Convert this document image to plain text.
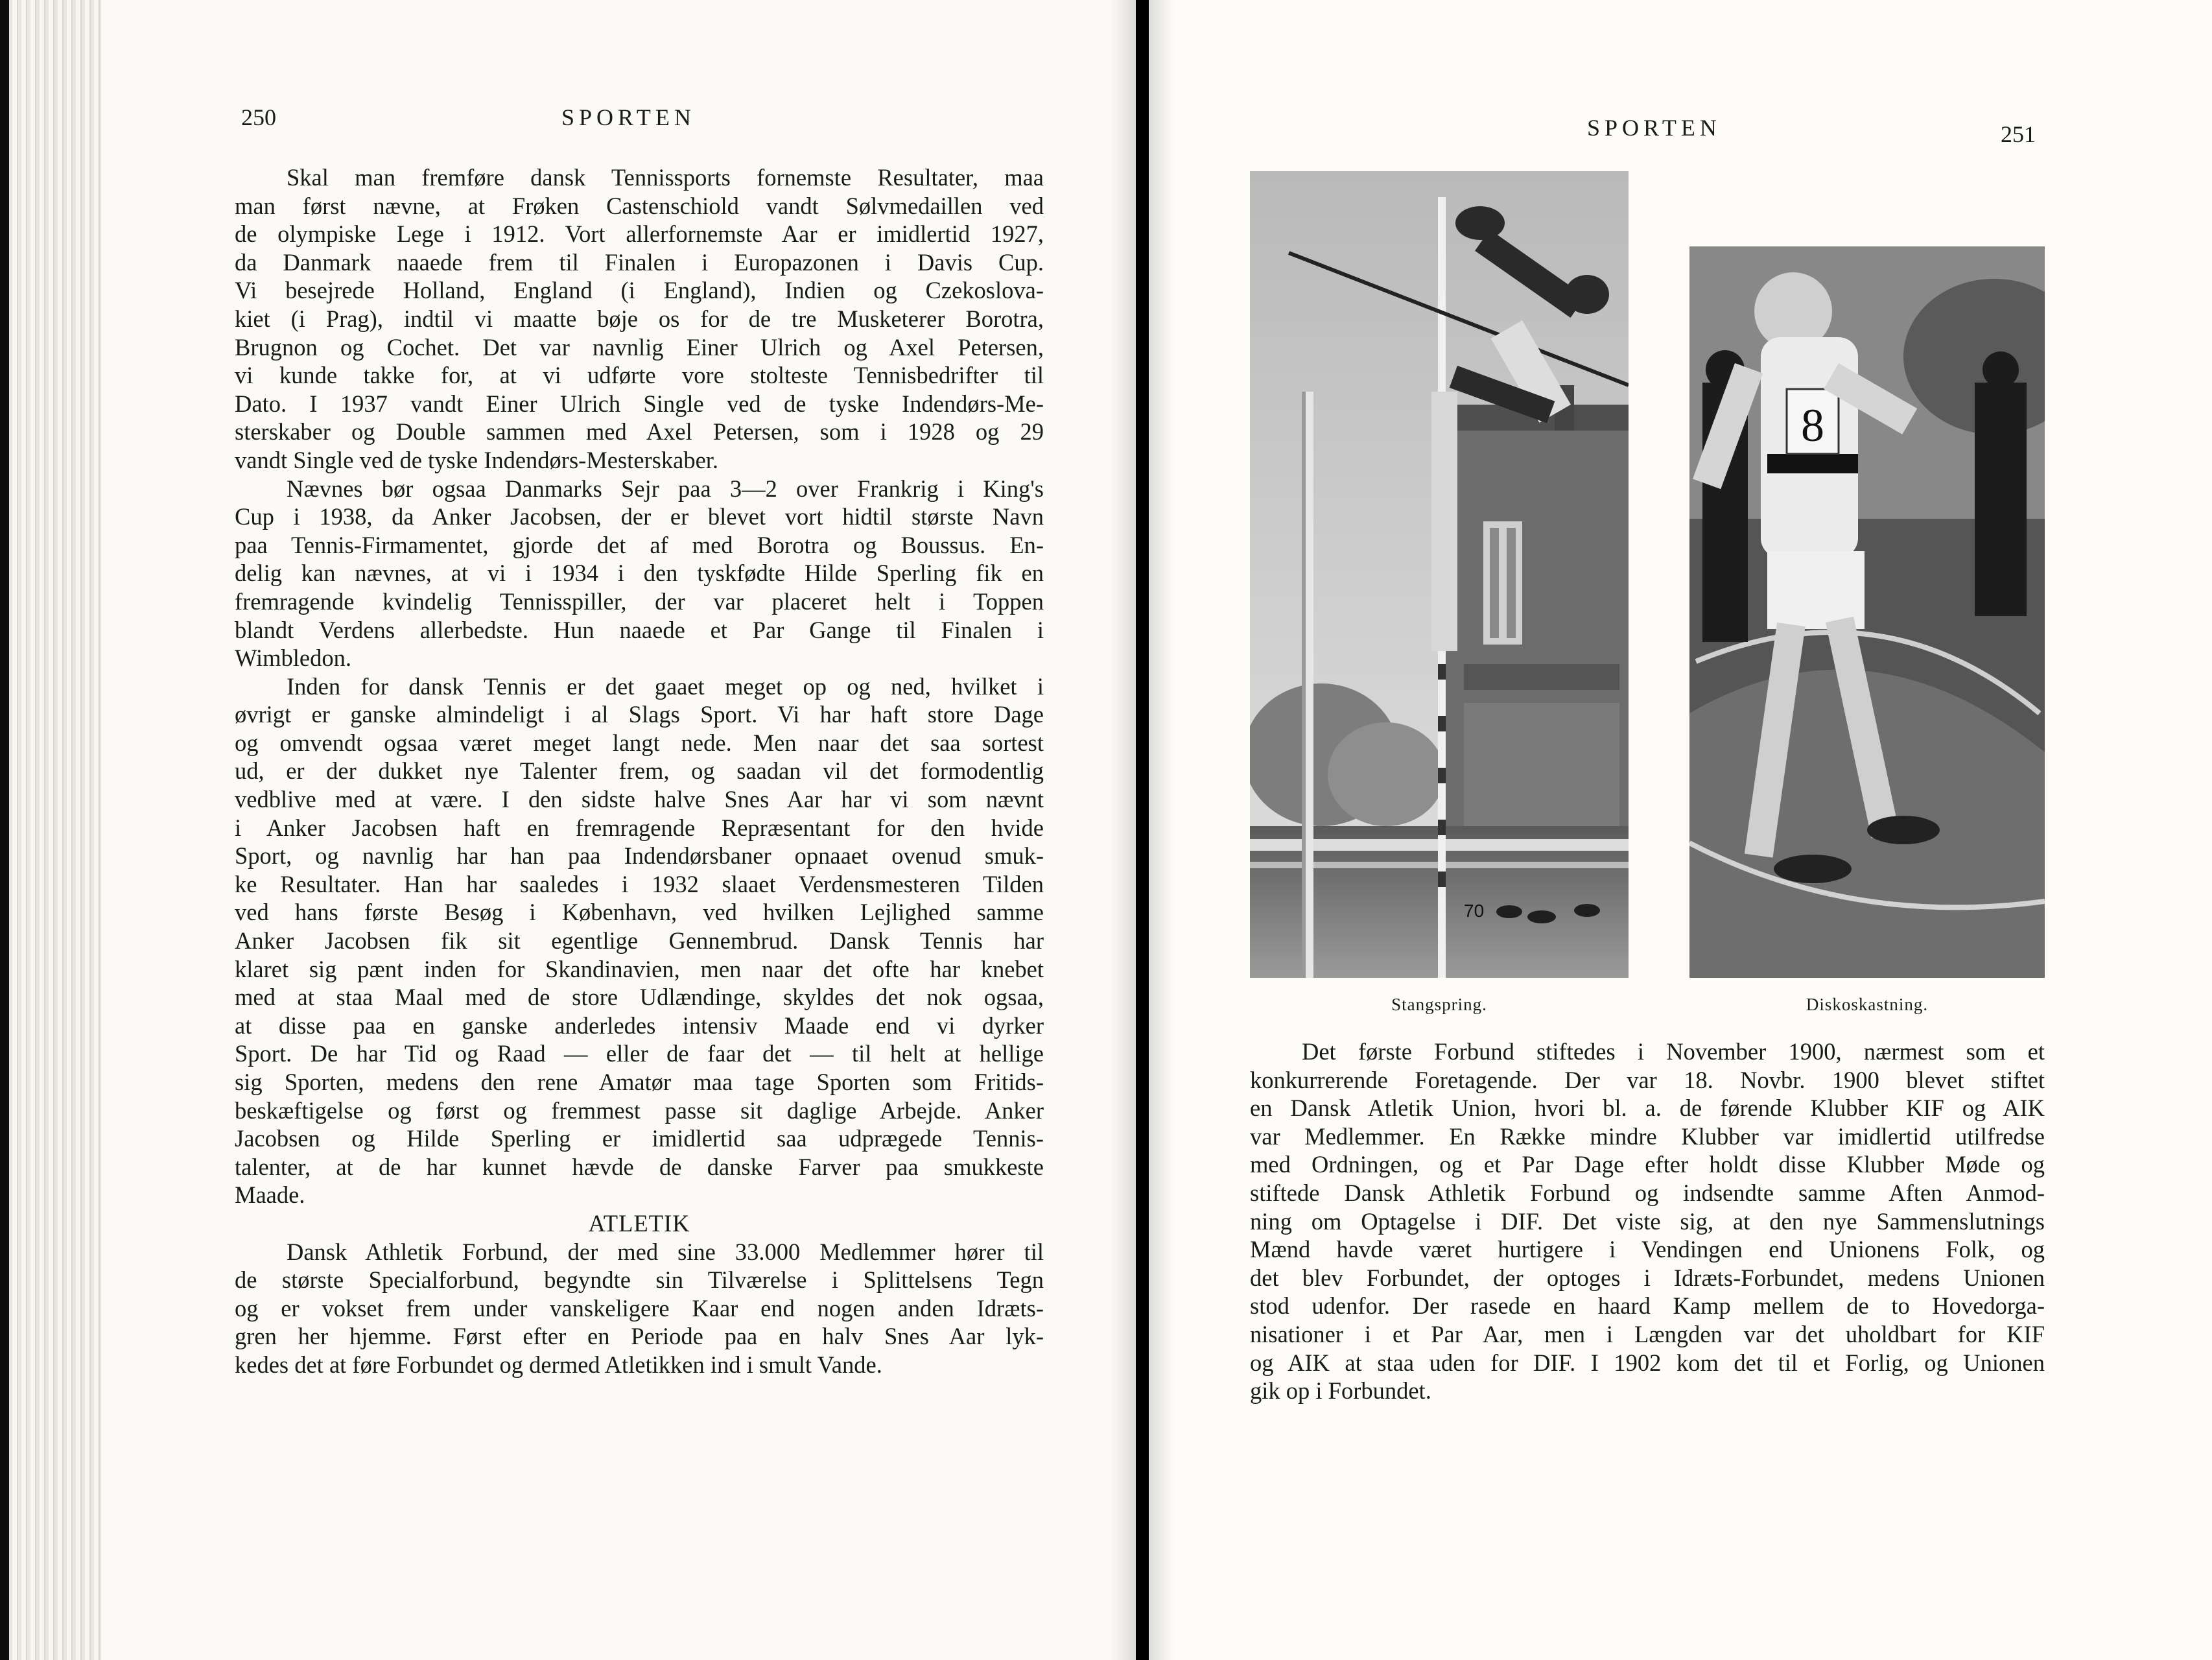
250	SPORTEN

Skal man fremføre dansk Tennissports fornemste Resultater, maa
man først nævne, at Frøken Castenschiold vandt Sølvmedaillen ved
de olympiske Lege i 1912. Vort allerfornemste Aar er imidlertid 1927,
da Danmark naaede frem til Finalen i Europazonen i Davis Cup.
Vi besejrede Holland, England (i England), Indien og Czekoslova-
kiet (i Prag), indtil vi maatte bøje os for de tre Musketerer Borotra,
Brugnon og Cochet. Det var navnlig Einer Ulrich og Axel Petersen,
vi kunde takke for, at vi udførte vore stolteste Tennisbedrifter til
Dato. I 1937 vandt Einer Ulrich Single ved de tyske Indendørs-Me-
sterskaber og Double sammen med Axel Petersen, som i 1928 og 29
vandt Single ved de tyske Indendørs-Mesterskaber.

Nævnes bør ogsaa Danmarks Sejr paa 3—2 over Frankrig i King's
Cup i 1938, da Anker Jacobsen, der er blevet vort hidtil største Navn
paa Tennis-Firmamentet, gjorde det af med Borotra og Boussus. En-
delig kan nævnes, at vi i 1934 i den tyskfødte Hilde Sperling fik en
fremragende kvindelig Tennisspiller, der var placeret helt i Toppen
blandt Verdens allerbedste. Hun naaede et Par Gange til Finalen i
Wimbledon.

Inden for dansk Tennis er det gaaet meget op og ned, hvilket i
øvrigt er ganske almindeligt i al Slags Sport. Vi har haft store Dage
og omvendt ogsaa været meget langt nede. Men naar det saa sortest
ud, er der dukket nye Talenter frem, og saadan vil det formodentlig
vedblive med at være. I den sidste halve Snes Aar har vi som nævnt
i Anker Jacobsen haft en fremragende Repræsentant for den hvide
Sport, og navnlig har han paa Indendørsbaner opnaaet ovenud smuk-
ke Resultater. Han har saaledes i 1932 slaaet Verdensmesteren Tilden
ved hans første Besøg i København, ved hvilken Lejlighed samme
Anker Jacobsen fik sit egentlige Gennembrud. Dansk Tennis har
klaret sig pænt inden for Skandinavien, men naar det ofte har knebet
med at staa Maal med de store Udlændinge, skyldes det nok ogsaa,
at disse paa en ganske anderledes intensiv Maade end vi dyrker
Sport. De har Tid og Raad — eller de faar det — til helt at hellige
sig Sporten, medens den rene Amatør maa tage Sporten som Fritids-
beskæftigelse og først og fremmest passe sit daglige Arbejde. Anker
Jacobsen og Hilde Sperling er imidlertid saa udprægede Tennis-
talenter, at de har kunnet hævde de danske Farver paa smukkeste
Maade.

ATLETIK

Dansk Athletik Forbund, der med sine 33.000 Medlemmer hører til
de største Specialforbund, begyndte sin Tilværelse i Splittelsens Tegn
og er vokset frem under vanskeligere Kaar end nogen anden Idræts-
gren her hjemme. Først efter en Periode paa en halv Snes Aar lyk-
kedes det at føre Forbundet og dermed Atletikken ind i smult Vande.

SPORTEN	251
70
Stangspring.
8
Diskoskastning.

Det første Forbund stiftedes i November 1900, nærmest som et
konkurrerende Foretagende. Der var 18. Novbr. 1900 blevet stiftet
en Dansk Atletik Union, hvori bl. a. de førende Klubber KIF og AIK
var Medlemmer. En Række mindre Klubber var imidlertid utilfredse
med Ordningen, og et Par Dage efter holdt disse Klubber Møde og
stiftede Dansk Athletik Forbund og indsendte samme Aften Anmod-
ning om Optagelse i DIF. Det viste sig, at den nye Sammenslutnings
Mænd havde været hurtigere i Vendingen end Unionens Folk, og
det blev Forbundet, der optoges i Idræts-Forbundet, medens Unionen
stod udenfor. Der rasede en haard Kamp mellem de to Hovedorga-
nisationer i et Par Aar, men i Længden var det uholdbart for KIF
og AIK at staa uden for DIF. I 1902 kom det til et Forlig, og Unionen
gik op i Forbundet.
